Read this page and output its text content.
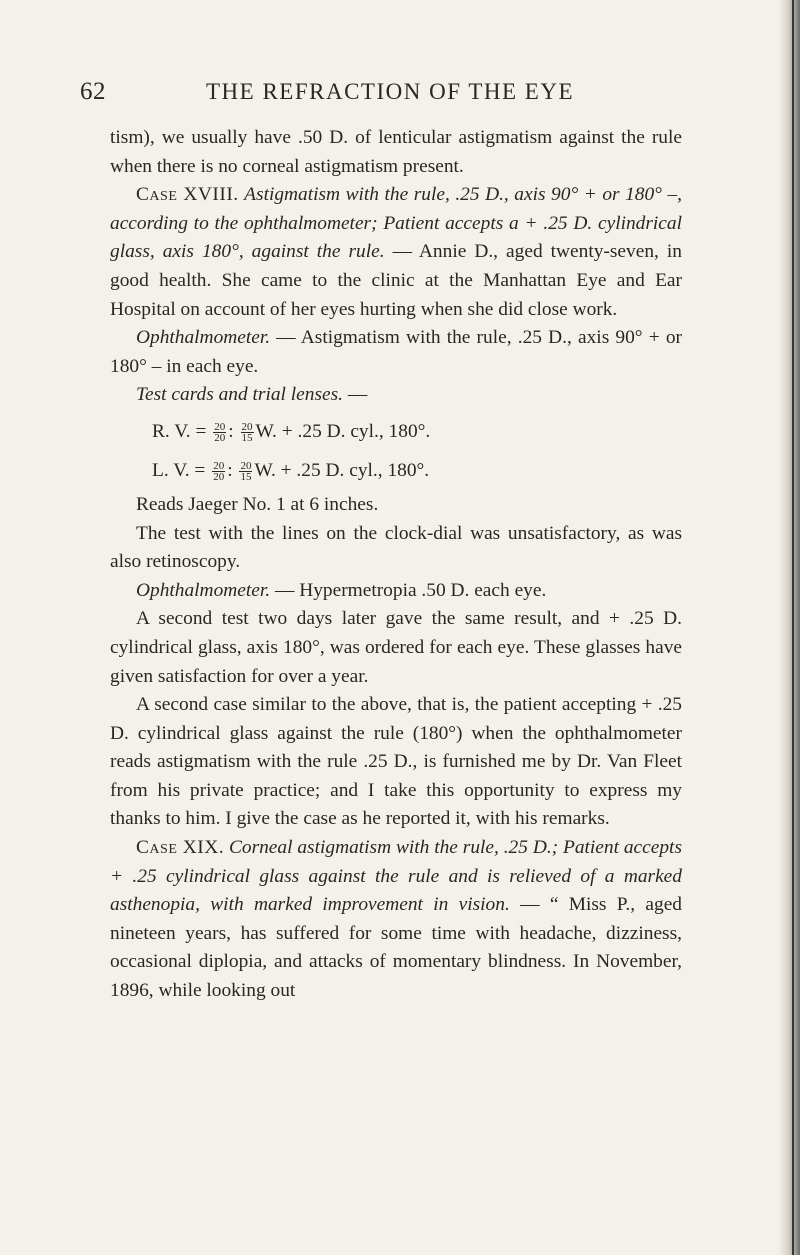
62	THE REFRACTION OF THE EYE

tism), we usually have .50 D. of lenticular astigmatism against the rule when there is no corneal astigmatism present.

Case XVIII. Astigmatism with the rule, .25 D., axis 90° + or 180° –, according to the ophthalmometer; Patient accepts a + .25 D. cylindrical glass, axis 180°, against the rule. — Annie D., aged twenty-seven, in good health. She came to the clinic at the Manhattan Eye and Ear Hospital on account of her eyes hurting when she did close work.

Ophthalmometer. — Astigmatism with the rule, .25 D., axis 90° + or 180° – in each eye.

Test cards and trial lenses. —

R. V. = $\frac{20}{20}$ : $\frac{20}{15} W$. + .25 D. cyl., 180°.

L. V. = $\frac{20}{20}$ : $\frac{20}{15} W$. + .25 D. cyl., 180°.

Reads Jaeger No. 1 at 6 inches.

The test with the lines on the clock-dial was unsatisfactory, as was also retinoscopy.

Ophthalmometer. — Hypermetropia .50 D. each eye.

A second test two days later gave the same result, and + .25 D. cylindrical glass, axis 180°, was ordered for each eye. These glasses have given satisfaction for over a year.

A second case similar to the above, that is, the patient accepting + .25 D. cylindrical glass against the rule (180°) when the ophthalmometer reads astigmatism with the rule .25 D., is furnished me by Dr. Van Fleet from his private practice; and I take this opportunity to express my thanks to him. I give the case as he reported it, with his remarks.

Case XIX. Corneal astigmatism with the rule, .25 D.; Patient accepts + .25 cylindrical glass against the rule and is relieved of a marked asthenopia, with marked improvement in vision. — “ Miss P., aged nineteen years, has suffered for some time with headache, dizziness, occasional diplopia, and attacks of momentary blindness. In November, 1896, while looking out
